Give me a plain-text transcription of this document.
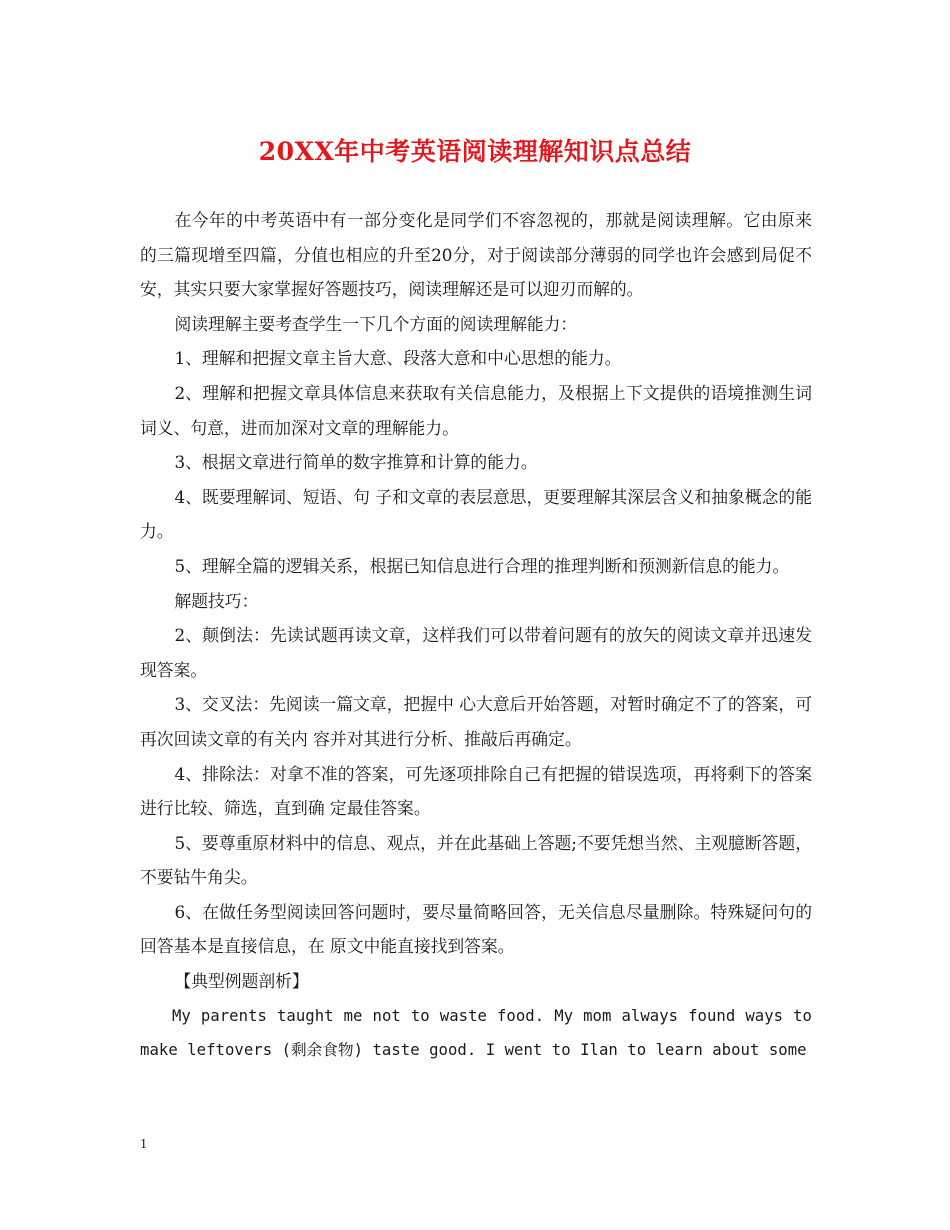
20XX年中考英语阅读理解知识点总结

在今年的中考英语中有一部分变化是同学们不容忽视的，那就是阅读理解。它由原来的三篇现增至四篇，分值也相应的升至20分，对于阅读部分薄弱的同学也许会感到局促不安，其实只要大家掌握好答题技巧，阅读理解还是可以迎刃而解的。

阅读理解主要考查学生一下几个方面的阅读理解能力：

1、理解和把握文章主旨大意、段落大意和中心思想的能力。

2、理解和把握文章具体信息来获取有关信息能力，及根据上下文提供的语境推测生词词义、句意，进而加深对文章的理解能力。

3、根据文章进行简单的数字推算和计算的能力。

4、既要理解词、短语、句 子和文章的表层意思，更要理解其深层含义和抽象概念的能力。

5、理解全篇的逻辑关系，根据已知信息进行合理的推理判断和预测新信息的能力。

解题技巧：

2、颠倒法：先读试题再读文章，这样我们可以带着问题有的放矢的阅读文章并迅速发现答案。

3、交叉法：先阅读一篇文章，把握中 心大意后开始答题，对暂时确定不了的答案，可再次回读文章的有关内 容并对其进行分析、推敲后再确定。

4、排除法：对拿不准的答案，可先逐项排除自己有把握的错误选项，再将剩下的答案进行比较、筛选，直到确 定最佳答案。

5、要尊重原材料中的信息、观点，并在此基础上答题;不要凭想当然、主观臆断答题，不要钻牛角尖。

6、在做任务型阅读回答问题时，要尽量简略回答，无关信息尽量删除。特殊疑问句的回答基本是直接信息，在 原文中能直接找到答案。

【典型例题剖析】

My parents taught me not to waste food. My mom always found ways to make leftovers (剩余食物) taste good. I went to Ilan to learn about some

1
